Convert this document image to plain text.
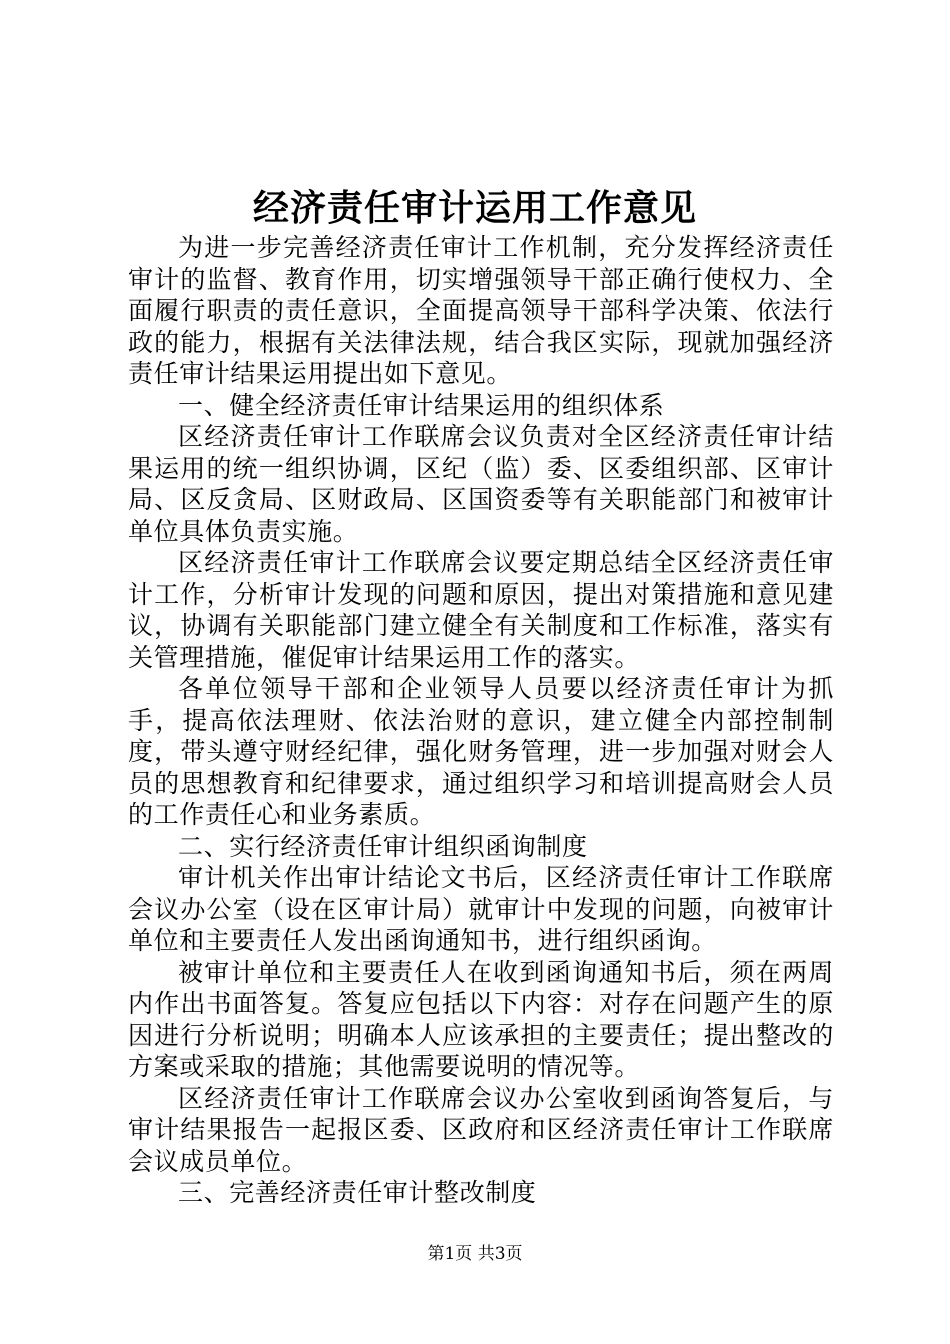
经济责任审计运用工作意见

为进一步完善经济责任审计工作机制，充分发挥经济责任审计的监督、教育作用，切实增强领导干部正确行使权力、全面履行职责的责任意识，全面提高领导干部科学决策、依法行政的能力，根据有关法律法规，结合我区实际，现就加强经济责任审计结果运用提出如下意见。

一、健全经济责任审计结果运用的组织体系

区经济责任审计工作联席会议负责对全区经济责任审计结果运用的统一组织协调，区纪（监）委、区委组织部、区审计局、区反贪局、区财政局、区国资委等有关职能部门和被审计单位具体负责实施。

区经济责任审计工作联席会议要定期总结全区经济责任审计工作，分析审计发现的问题和原因，提出对策措施和意见建议，协调有关职能部门建立健全有关制度和工作标准，落实有关管理措施，催促审计结果运用工作的落实。

各单位领导干部和企业领导人员要以经济责任审计为抓手，提高依法理财、依法治财的意识，建立健全内部控制制度，带头遵守财经纪律，强化财务管理，进一步加强对财会人员的思想教育和纪律要求，通过组织学习和培训提高财会人员的工作责任心和业务素质。

二、实行经济责任审计组织函询制度

审计机关作出审计结论文书后，区经济责任审计工作联席会议办公室（设在区审计局）就审计中发现的问题，向被审计单位和主要责任人发出函询通知书，进行组织函询。

被审计单位和主要责任人在收到函询通知书后，须在两周内作出书面答复。答复应包括以下内容：对存在问题产生的原因进行分析说明；明确本人应该承担的主要责任；提出整改的方案或采取的措施；其他需要说明的情况等。

区经济责任审计工作联席会议办公室收到函询答复后，与审计结果报告一起报区委、区政府和区经济责任审计工作联席会议成员单位。

三、完善经济责任审计整改制度

第1页 共3页
